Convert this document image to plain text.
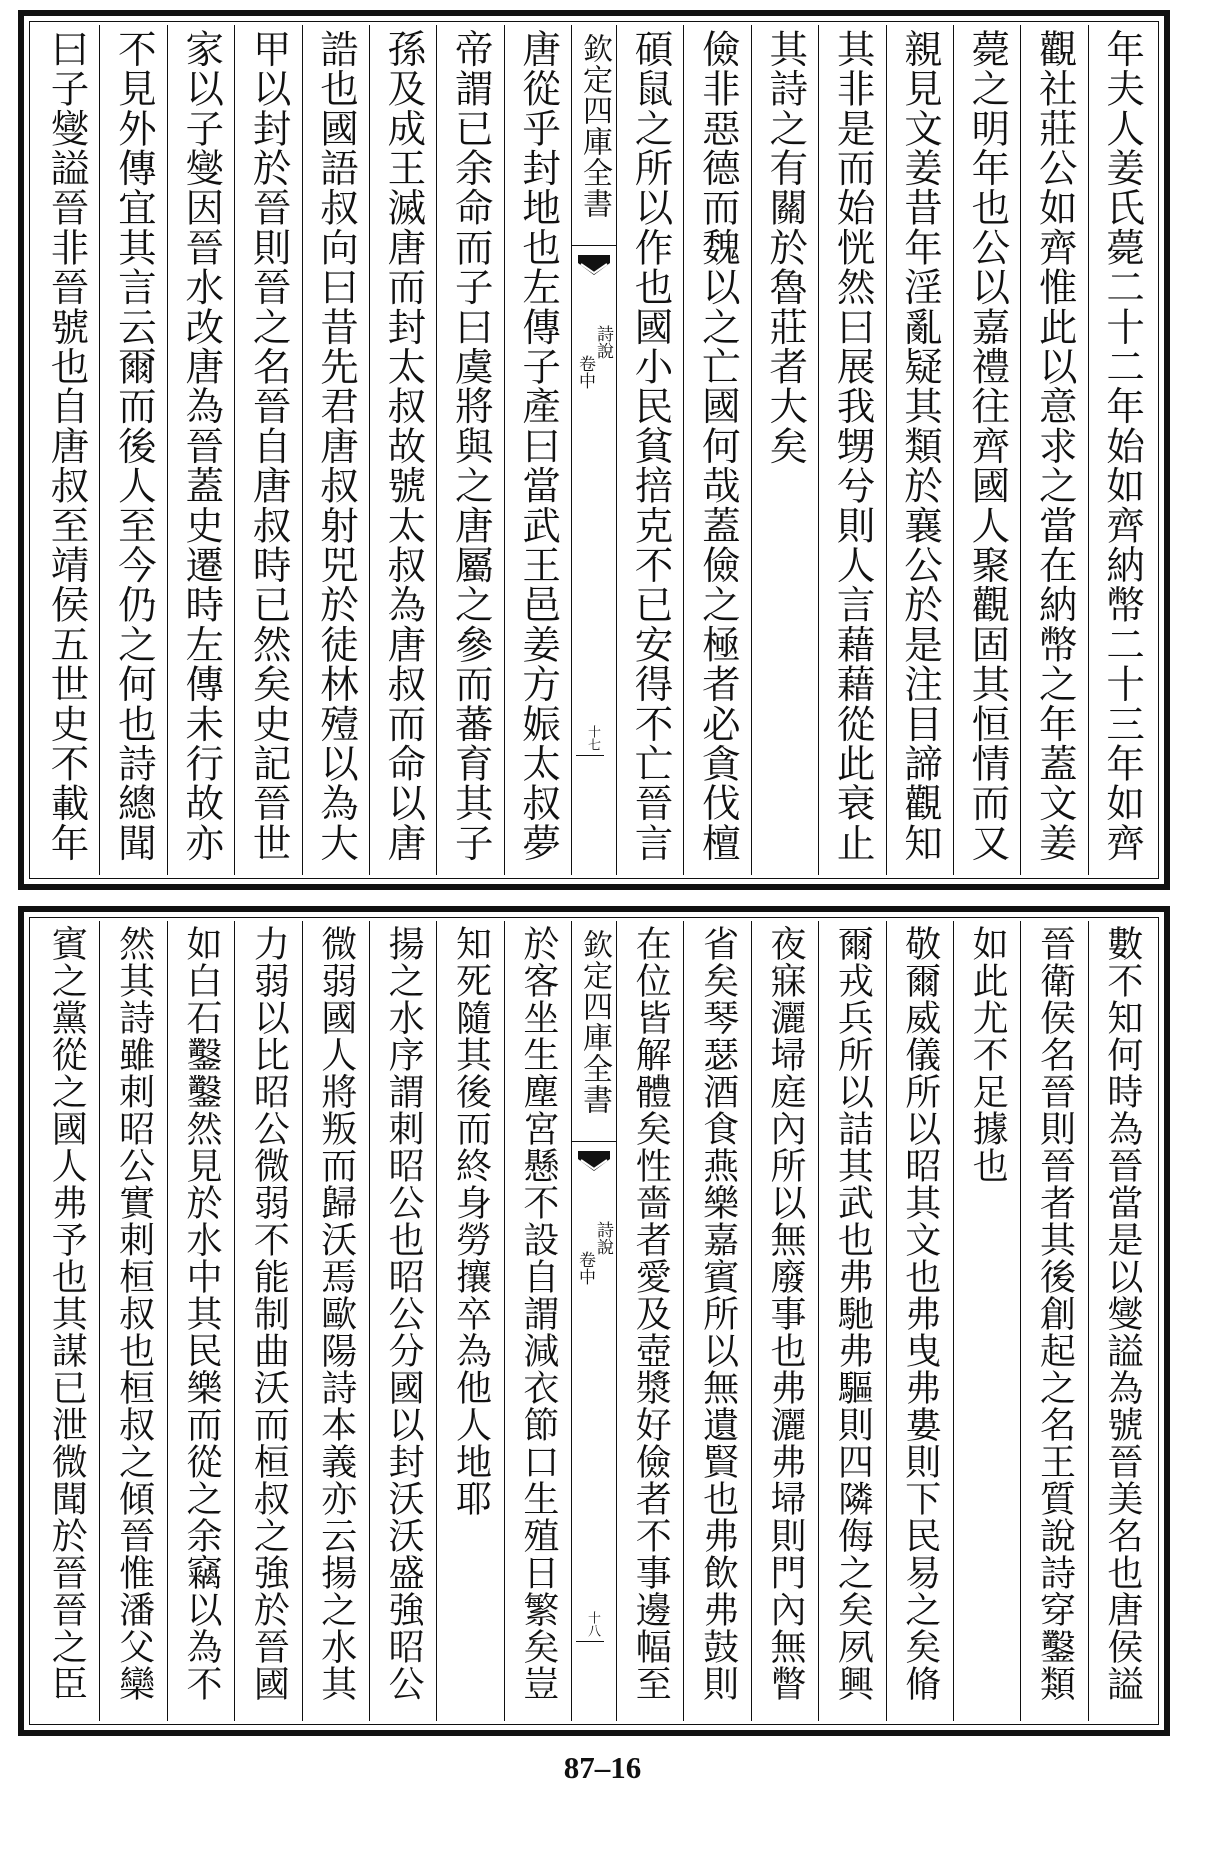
年夫人姜氏薨二十二年始如齊納幣二十三年如齊
觀社莊公如齊惟此以意求之當在納幣之年蓋文姜
薨之明年也公以嘉禮往齊國人聚觀固其恒情而又
親見文姜昔年淫亂疑其類於襄公於是注目諦觀知
其非是而始恍然曰展我甥兮則人言藉藉從此衰止
其詩之有關於魯莊者大矣
儉非惡德而魏以之亡國何哉蓋儉之極者必貪伐檀
碩鼠之所以作也國小民貧掊克不已安得不亡晉言
欽定四庫全書
詩說
卷中
十七
唐從乎封地也左傳子產曰當武王邑姜方娠太叔夢
帝謂已余命而子曰虞將與之唐屬之參而蕃育其子
孫及成王滅唐而封太叔故號太叔為唐叔而命以唐
誥也國語叔向曰昔先君唐叔射兕於徒林殪以為大
甲以封於晉則晉之名晉自唐叔時已然矣史記晉世
家以子燮因晉水改唐為晉蓋史遷時左傳未行故亦
不見外傳宜其言云爾而後人至今仍之何也詩總聞
曰子燮謚晉非晉號也自唐叔至靖侯五世史不載年
數不知何時為晉當是以燮謚為號晉美名也唐侯謚
晉衛侯名晉則晉者其後創起之名王質說詩穿鑿類
如此尤不足據也
敬爾威儀所以昭其文也弗曳弗婁則下民易之矣脩
爾戎兵所以詰其武也弗馳弗驅則四隣侮之矣夙興
夜寐灑埽庭內所以無廢事也弗灑弗埽則門內無瞥
省矣琴瑟酒食燕樂嘉賓所以無遺賢也弗飲弗鼓則
在位皆解體矣性嗇者愛及壺漿好儉者不事邊幅至
欽定四庫全書
詩說
卷中
十八
於客坐生塵宮懸不設自謂減衣節口生殖日繁矣豈
知死隨其後而終身勞攘卒為他人地耶
揚之水序謂刺昭公也昭公分國以封沃沃盛強昭公
微弱國人將叛而歸沃焉歐陽詩本義亦云揚之水其
力弱以比昭公微弱不能制曲沃而桓叔之強於晉國
如白石鑿鑿然見於水中其民樂而從之余竊以為不
然其詩雖刺昭公實刺桓叔也桓叔之傾晉惟潘父欒
賓之黨從之國人弗予也其謀已泄微聞於晉晉之臣
87–16
